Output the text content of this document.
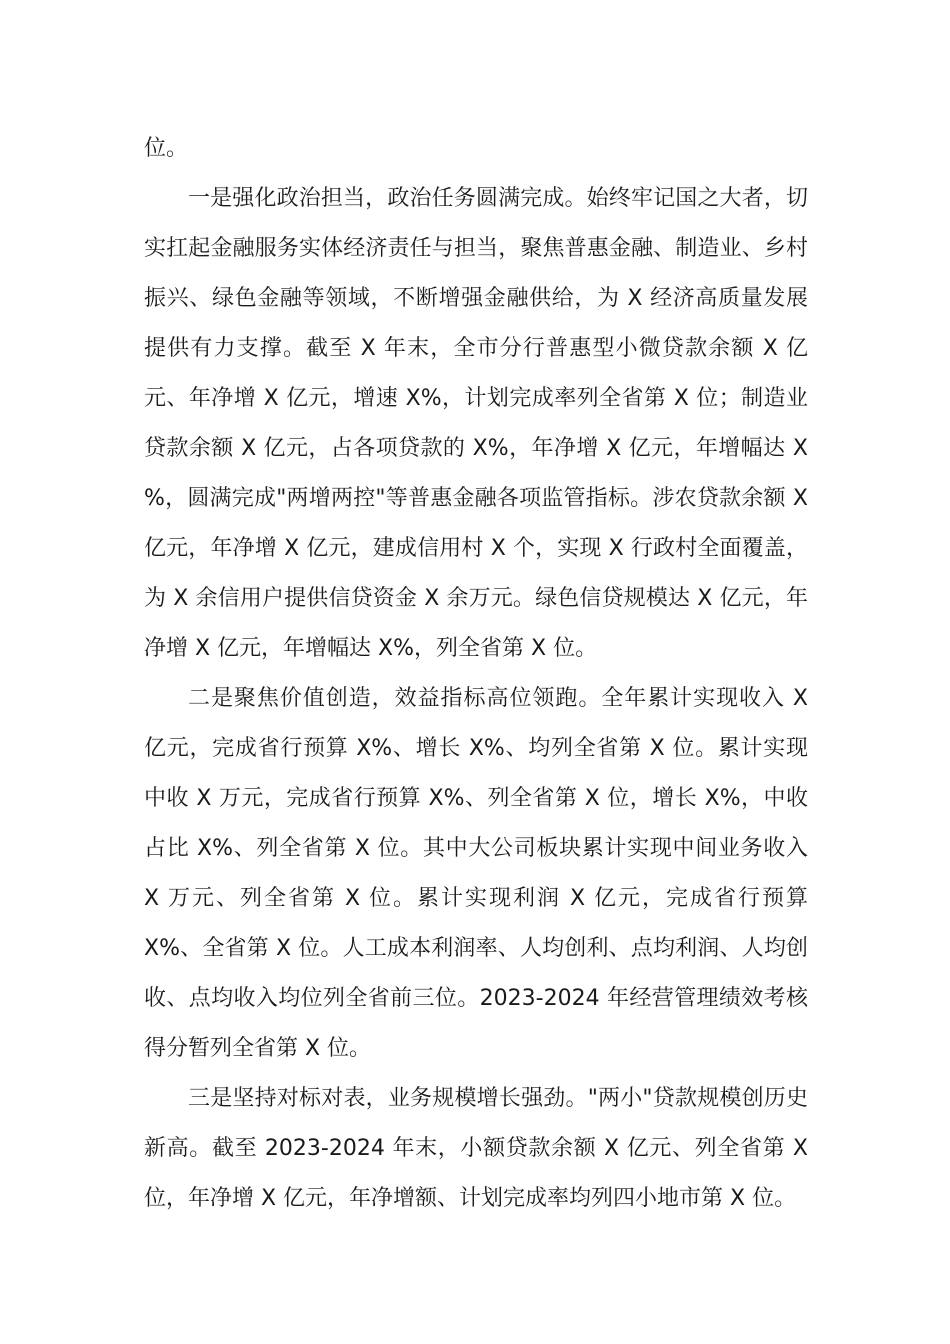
位。

一是强化政治担当，政治任务圆满完成。始终牢记国之大者，切实扛起金融服务实体经济责任与担当，聚焦普惠金融、制造业、乡村振兴、绿色金融等领域，不断增强金融供给，为 X 经济高质量发展提供有力支撑。截至 X 年末，全市分行普惠型小微贷款余额 X 亿元、年净增 X 亿元，增速 X%，计划完成率列全省第 X 位；制造业贷款余额 X 亿元，占各项贷款的 X%，年净增 X 亿元，年增幅达 X %，圆满完成"两增两控"等普惠金融各项监管指标。涉农贷款余额 X 亿元，年净增 X 亿元，建成信用村 X 个，实现 X 行政村全面覆盖，为 X 余信用户提供信贷资金 X 余万元。绿色信贷规模达 X 亿元，年净增 X 亿元，年增幅达 X%，列全省第 X 位。

二是聚焦价值创造，效益指标高位领跑。全年累计实现收入 X 亿元，完成省行预算 X%、增长 X%、均列全省第 X 位。累计实现中收 X 万元，完成省行预算 X%、列全省第 X 位，增长 X%，中收占比 X%、列全省第 X 位。其中大公司板块累计实现中间业务收入 X 万元、列全省第 X 位。累计实现利润 X 亿元，完成省行预算 X%、全省第 X 位。人工成本利润率、人均创利、点均利润、人均创收、点均收入均位列全省前三位。2023-2024 年经营管理绩效考核得分暂列全省第 X 位。

三是坚持对标对表，业务规模增长强劲。"两小"贷款规模创历史新高。截至 2023-2024 年末，小额贷款余额 X 亿元、列全省第 X 位，年净增 X 亿元，年净增额、计划完成率均列四小地市第 X 位。
